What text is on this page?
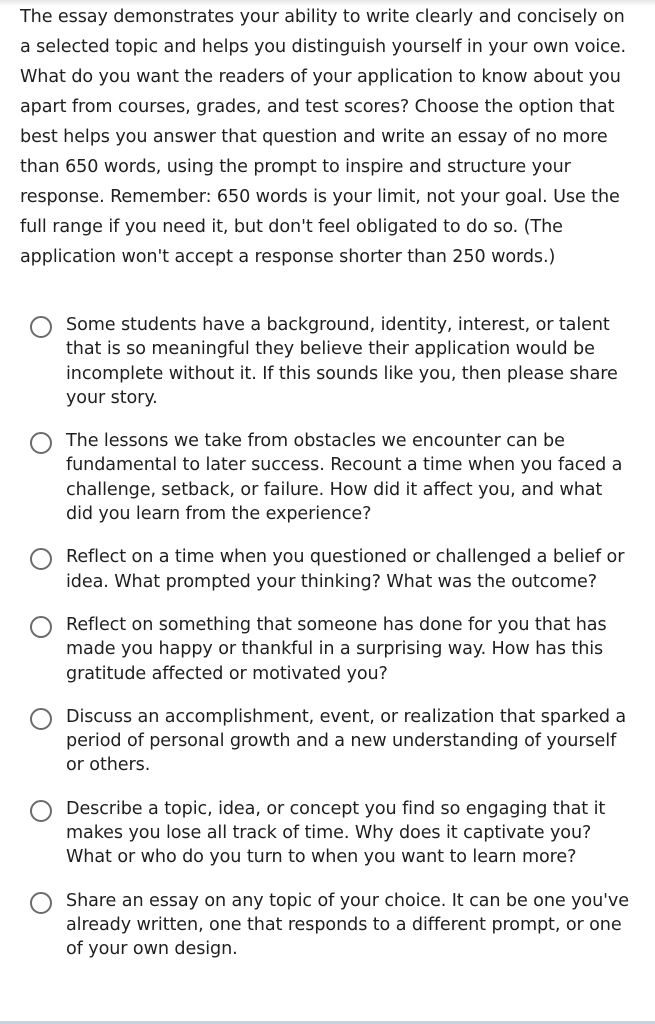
The essay demonstrates your ability to write clearly and concisely on a selected topic and helps you distinguish yourself in your own voice. What do you want the readers of your application to know about you apart from courses, grades, and test scores? Choose the option that best helps you answer that question and write an essay of no more than 650 words, using the prompt to inspire and structure your response. Remember: 650 words is your limit, not your goal. Use the full range if you need it, but don't feel obligated to do so. (The application won't accept a response shorter than 250 words.)

Some students have a background, identity, interest, or talent that is so meaningful they believe their application would be incomplete without it. If this sounds like you, then please share your story.
The lessons we take from obstacles we encounter can be fundamental to later success. Recount a time when you faced a challenge, setback, or failure. How did it affect you, and what did you learn from the experience?
Reflect on a time when you questioned or challenged a belief or idea. What prompted your thinking? What was the outcome?
Reflect on something that someone has done for you that has made you happy or thankful in a surprising way. How has this gratitude affected or motivated you?
Discuss an accomplishment, event, or realization that sparked a period of personal growth and a new understanding of yourself or others.
Describe a topic, idea, or concept you find so engaging that it makes you lose all track of time. Why does it captivate you? What or who do you turn to when you want to learn more?
Share an essay on any topic of your choice. It can be one you've already written, one that responds to a different prompt, or one of your own design.
